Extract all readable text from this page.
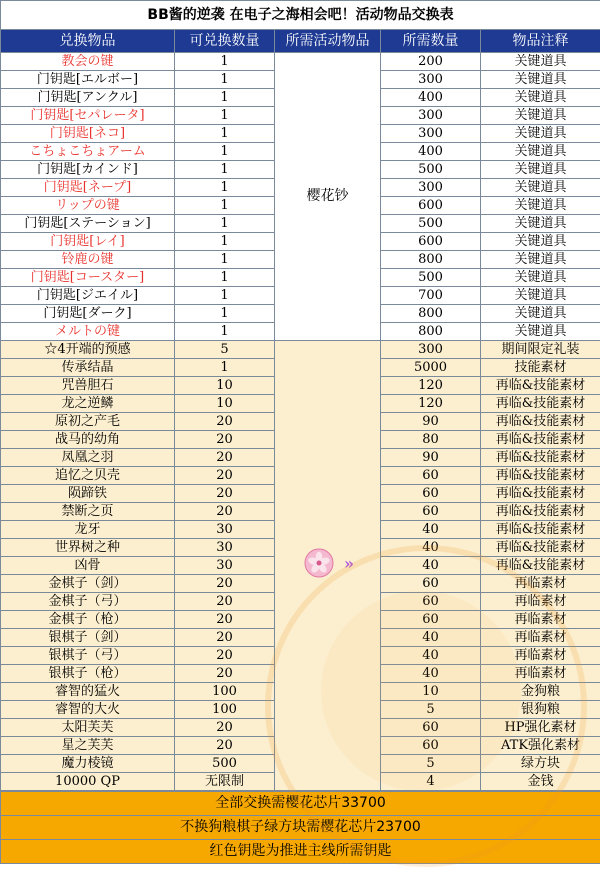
BB酱的逆袭 在电子之海相会吧！活动物品交换表				
兑换物品	可兑换数量	所需活动物品	所需数量	物品注释
教会の键	1	樱花钞	200	关键道具
门钥匙[エルボー]	1		300	关键道具
门钥匙[アンクル]	1		400	关键道具
门钥匙[セパレータ]	1		300	关键道具
门钥匙[ネコ]	1		300	关键道具
こちょこちょアーム	1		400	关键道具
门钥匙[カインド]	1		500	关键道具
门钥匙[ネープ]	1		300	关键道具
リップの键	1		600	关键道具
门钥匙[ステーション]	1		500	关键道具
门钥匙[レイ]	1		600	关键道具
铃鹿の键	1		800	关键道具
门钥匙[コースター]	1		500	关键道具
门钥匙[ジエイル]	1		700	关键道具
门钥匙[ダーク]	1		800	关键道具
メルトの键	1		800	关键道具
☆4开端的预感	5	»	300	期间限定礼装
传承结晶	1		5000	技能素材
咒兽胆石	10		120	再临&技能素材
龙之逆鳞	10		120	再临&技能素材
原初之产毛	20		90	再临&技能素材
战马的幼角	20		80	再临&技能素材
凤凰之羽	20		90	再临&技能素材
追忆之贝壳	20		60	再临&技能素材
陨蹄铁	20		60	再临&技能素材
禁断之页	20		60	再临&技能素材
龙牙	30		40	再临&技能素材
世界树之种	30		40	再临&技能素材
凶骨	30		40	再临&技能素材
金棋子（剑）	20		60	再临素材
金棋子（弓）	20		60	再临素材
金棋子（枪）	20		60	再临素材
银棋子（剑）	20		40	再临素材
银棋子（弓）	20		40	再临素材
银棋子（枪）	20		40	再临素材
睿智的猛火	100		10	金狗粮
睿智的大火	100		5	银狗粮
太阳芙芙	20		60	HP强化素材
星之芙芙	20		60	ATK强化素材
魔力棱镜	500		5	绿方块
10000 QP	无限制		4	金钱
全部交换需樱花芯片33700
不换狗粮棋子绿方块需樱花芯片23700
红色钥匙为推进主线所需钥匙
